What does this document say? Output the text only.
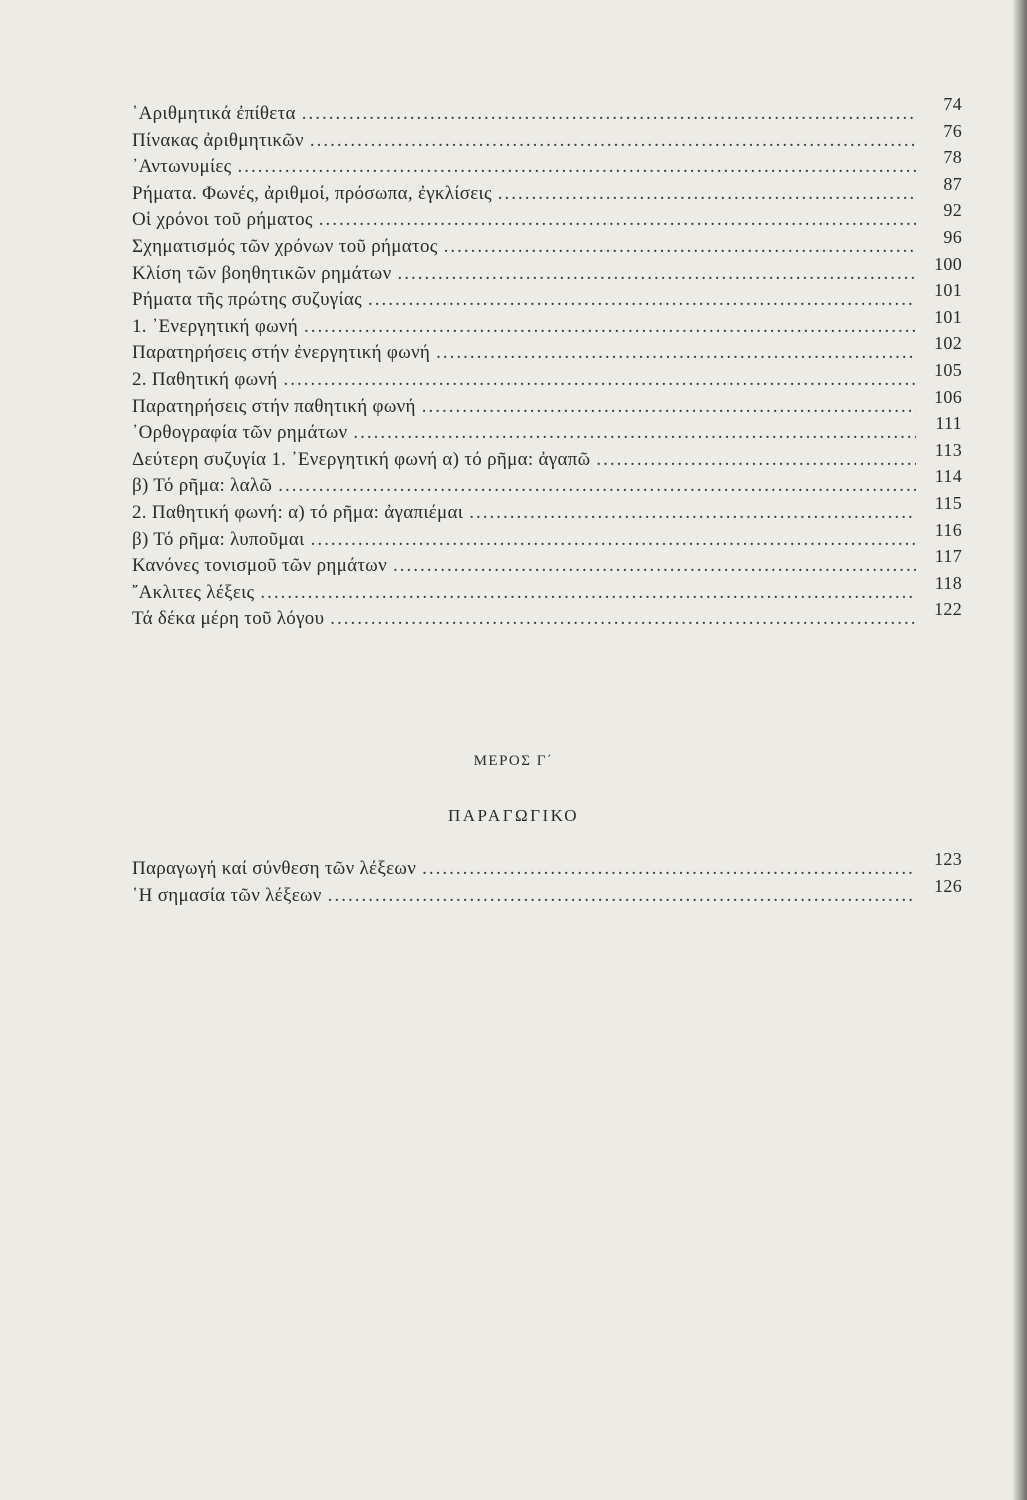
῾Αριθμητικά ἐπίθετα .....	74
Πίνακας ἀριθμητικῶν .....	76
᾿Αντωνυμίες .....	78
Ρήματα. Φωνές, ἀριθμοί, πρόσωπα, ἐγκλίσεις .....	87
Οἱ χρόνοι τοῦ ρήματος .....	92
Σχηματισμός τῶν χρόνων τοῦ ρήματος .....	96
Κλίση τῶν βοηθητικῶν ρημάτων .....	100
Ρήματα τῆς πρώτης συζυγίας .....	101
1. ᾿Ενεργητική φωνή .....	101
Παρατηρήσεις στήν ἐνεργητική φωνή .....	102
2. Παθητική φωνή .....	105
Παρατηρήσεις στήν παθητική φωνή .....	106
᾿Ορθογραφία τῶν ρημάτων .....	111
Δεύτερη συζυγία 1. ᾿Ενεργητική φωνή α) τό ρῆμα: ἀγαπῶ .....	113
β) Τό ρῆμα: λαλῶ .....	114
2. Παθητική φωνή: α) τό ρῆμα: ἀγαπιέμαι .....	115
β) Τό ρῆμα: λυποῦμαι .....	116
Κανόνες τονισμοῦ τῶν ρημάτων .....	117
῎Ακλιτες λέξεις .....	118
Τά δέκα μέρη τοῦ λόγου .....	122
ΜΕΡΟΣ Γ΄
ΠΑΡΑΓΩΓΙΚΟ
Παραγωγή καί σύνθεση τῶν λέξεων .....	123
῾Η σημασία τῶν λέξεων .....	126
